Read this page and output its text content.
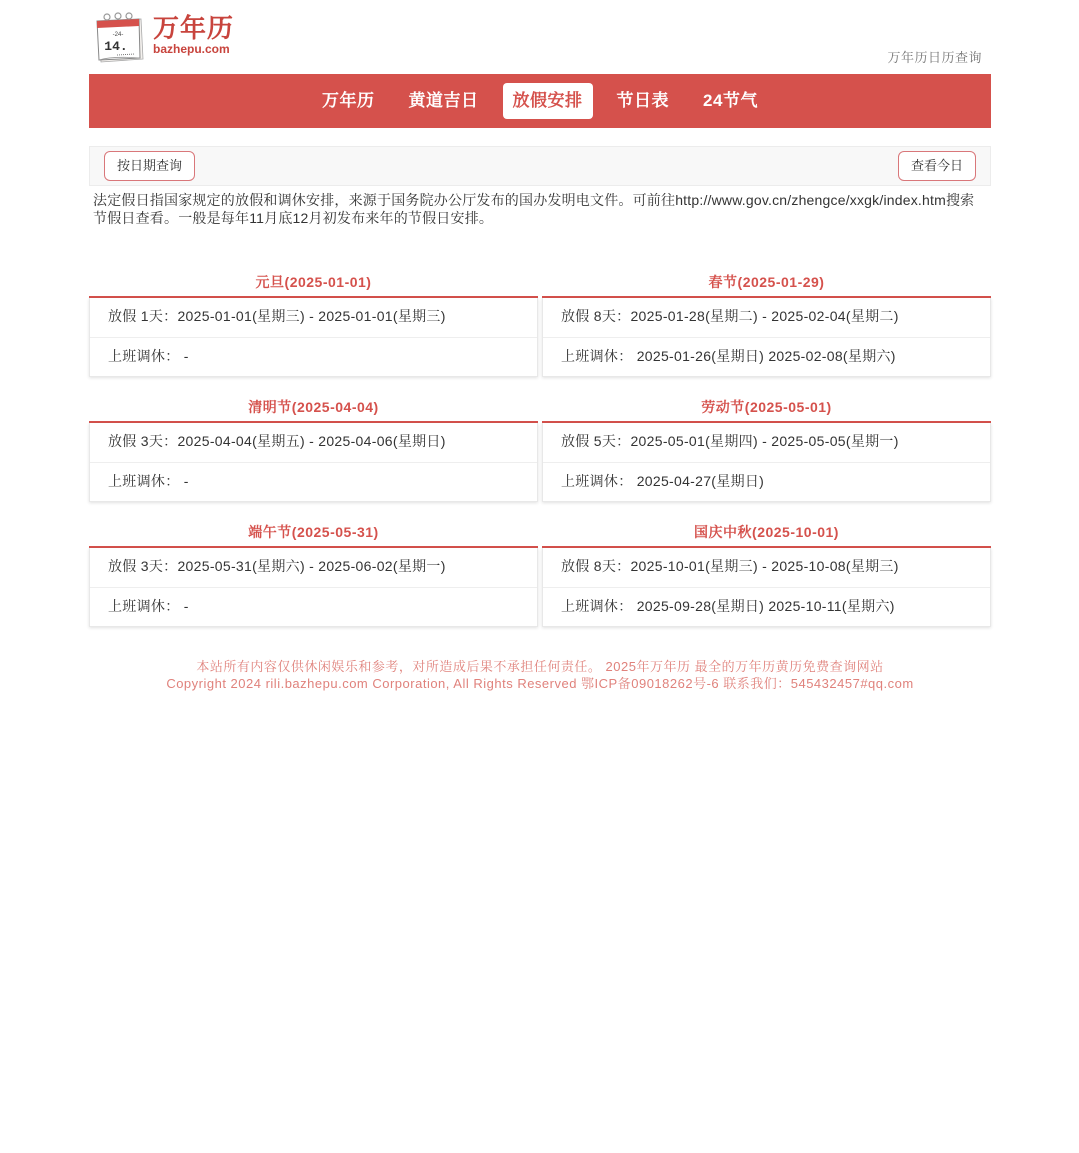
-24-
14.
万年历
bazhepu.com
万年历日历查询
万年历	黄道吉日	放假安排	节日表	24节气
按日期查询	查看今日

法定假日指国家规定的放假和调休安排，来源于国务院办公厅发布的国办发明电文件。可前往http://www.gov.cn/zhengce/xxgk/index.htm搜索节假日查看。一般是每年11月底12月初发布来年的节假日安排。

元旦(2025-01-01)
放假 1天：2025-01-01(星期三) - 2025-01-01(星期三)
上班调休： -
春节(2025-01-29)
放假 8天：2025-01-28(星期二) - 2025-02-04(星期二)
上班调休： 2025-01-26(星期日) 2025-02-08(星期六)
清明节(2025-04-04)
放假 3天：2025-04-04(星期五) - 2025-04-06(星期日)
上班调休： -
劳动节(2025-05-01)
放假 5天：2025-05-01(星期四) - 2025-05-05(星期一)
上班调休： 2025-04-27(星期日)
端午节(2025-05-31)
放假 3天：2025-05-31(星期六) - 2025-06-02(星期一)
上班调休： -
国庆中秋(2025-10-01)
放假 8天：2025-10-01(星期三) - 2025-10-08(星期三)
上班调休： 2025-09-28(星期日) 2025-10-11(星期六)
本站所有内容仅供休闲娱乐和参考，对所造成后果不承担任何责任。 2025年万年历 最全的万年历黄历免费查询网站
Copyright 2024 rili.bazhepu.com Corporation, All Rights Reserved 鄂ICP备09018262号-6 联系我们：545432457#qq.com
